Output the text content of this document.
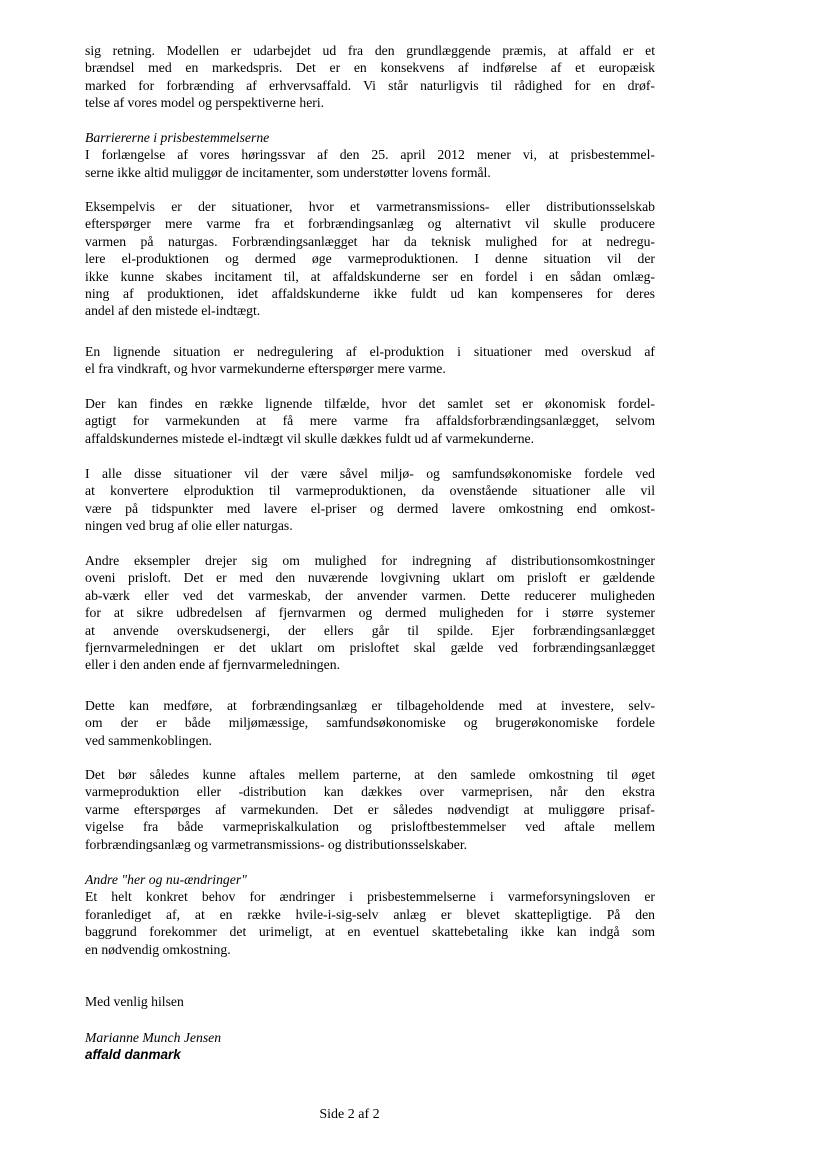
sig retning. Modellen er udarbejdet ud fra den grundlæggende præmis, at affald er et
brændsel med en markedspris. Det er en konsekvens af indførelse af et europæisk
marked for forbrænding af erhvervsaffald. Vi står naturligvis til rådighed for en drøf-
telse af vores model og perspektiverne heri.
Barriererne i prisbestemmelserne
I forlængelse af vores høringssvar af den 25. april 2012 mener vi, at prisbestemmel-
serne ikke altid muliggør de incitamenter, som understøtter lovens formål.
Eksempelvis er der situationer, hvor et varmetransmissions- eller distributionsselskab
efterspørger mere varme fra et forbrændingsanlæg og alternativt vil skulle producere
varmen på naturgas. Forbrændingsanlægget har da teknisk mulighed for at nedregu-
lere el-produktionen og dermed øge varmeproduktionen. I denne situation vil der
ikke kunne skabes incitament til, at affaldskunderne ser en fordel i en sådan omlæg-
ning af produktionen, idet affaldskunderne ikke fuldt ud kan kompenseres for deres
andel af den mistede el-indtægt.
En lignende situation er nedregulering af el-produktion i situationer med overskud af
el fra vindkraft, og hvor varmekunderne efterspørger mere varme.
Der kan findes en række lignende tilfælde, hvor det samlet set er økonomisk fordel-
agtigt for varmekunden at få mere varme fra affaldsforbrændingsanlægget, selvom
affaldskundernes mistede el-indtægt vil skulle dækkes fuldt ud af varmekunderne.
I alle disse situationer vil der være såvel miljø- og samfundsøkonomiske fordele ved
at konvertere elproduktion til varmeproduktionen, da ovenstående situationer alle vil
være på tidspunkter med lavere el-priser og dermed lavere omkostning end omkost-
ningen ved brug af olie eller naturgas.
Andre eksempler drejer sig om mulighed for indregning af distributionsomkostninger
oveni prisloft. Det er med den nuværende lovgivning uklart om prisloft er gældende
ab-værk eller ved det varmeskab, der anvender varmen. Dette reducerer muligheden
for at sikre udbredelsen af fjernvarmen og dermed muligheden for i større systemer
at anvende overskudsenergi, der ellers går til spilde. Ejer forbrændingsanlægget
fjernvarmeledningen er det uklart om prisloftet skal gælde ved forbrændingsanlægget
eller i den anden ende af fjernvarmeledningen.
Dette kan medføre, at forbrændingsanlæg er tilbageholdende med at investere, selv-
om der er både miljømæssige, samfundsøkonomiske og brugerøkonomiske fordele
ved sammenkoblingen.
Det bør således kunne aftales mellem parterne, at den samlede omkostning til øget
varmeproduktion eller -distribution kan dækkes over varmeprisen, når den ekstra
varme efterspørges af varmekunden. Det er således nødvendigt at muliggøre prisaf-
vigelse fra både varmepriskalkulation og prisloftbestemmelser ved aftale mellem
forbrændingsanlæg og varmetransmissions- og distributionsselskaber.
Andre "her og nu-ændringer"
Et helt konkret behov for ændringer i prisbestemmelserne i varmeforsyningsloven er
foranlediget af, at en række hvile-i-sig-selv anlæg er blevet skattepligtige. På den
baggrund forekommer det urimeligt, at en eventuel skattebetaling ikke kan indgå som
en nødvendig omkostning.
Med venlig hilsen
Marianne Munch Jensen
affald danmark
Side 2 af 2
